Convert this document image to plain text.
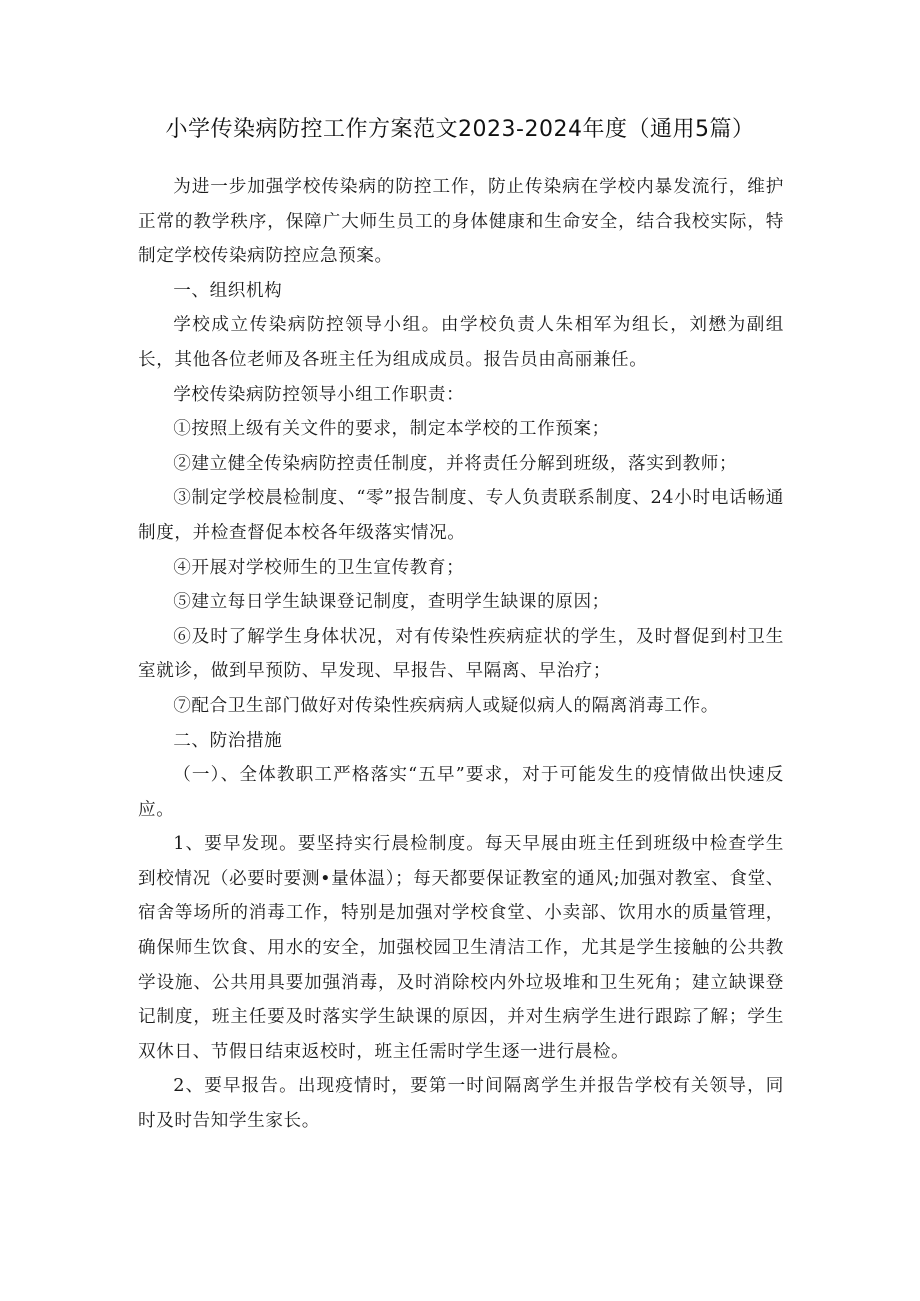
小学传染病防控工作方案范文2023-2024年度（通用5篇）

为进一步加强学校传染病的防控工作，防止传染病在学校内暴发流行，维护正常的教学秩序，保障广大师生员工的身体健康和生命安全，结合我校实际，特制定学校传染病防控应急预案。

一、组织机构

学校成立传染病防控领导小组。由学校负责人朱相军为组长，刘懋为副组长，其他各位老师及各班主任为组成成员。报告员由高丽兼任。

学校传染病防控领导小组工作职责：

①按照上级有关文件的要求，制定本学校的工作预案；

②建立健全传染病防控责任制度，并将责任分解到班级，落实到教师；

③制定学校晨检制度、“零”报告制度、专人负责联系制度、24小时电话畅通制度，并检查督促本校各年级落实情况。

④开展对学校师生的卫生宣传教育；

⑤建立每日学生缺课登记制度，查明学生缺课的原因；

⑥及时了解学生身体状况，对有传染性疾病症状的学生，及时督促到村卫生室就诊，做到早预防、早发现、早报告、早隔离、早治疗；

⑦配合卫生部门做好对传染性疾病病人或疑似病人的隔离消毒工作。

二、防治措施

（一）、全体教职工严格落实“五早”要求，对于可能发生的疫情做出快速反应。

1、要早发现。要坚持实行晨检制度。每天早展由班主任到班级中检查学生到校情况（必要时要测•量体温）；每天都要保证教室的通风;加强对教室、食堂、宿舍等场所的消毒工作，特别是加强对学校食堂、小卖部、饮用水的质量管理，确保师生饮食、用水的安全，加强校园卫生清洁工作，尤其是学生接触的公共教学设施、公共用具要加强消毒，及时消除校内外垃圾堆和卫生死角；建立缺课登记制度，班主任要及时落实学生缺课的原因，并对生病学生进行跟踪了解；学生双休日、节假日结束返校时，班主任需时学生逐一进行晨检。

2、要早报告。出现疫情时，要第一时间隔离学生并报告学校有关领导，同时及时告知学生家长。
